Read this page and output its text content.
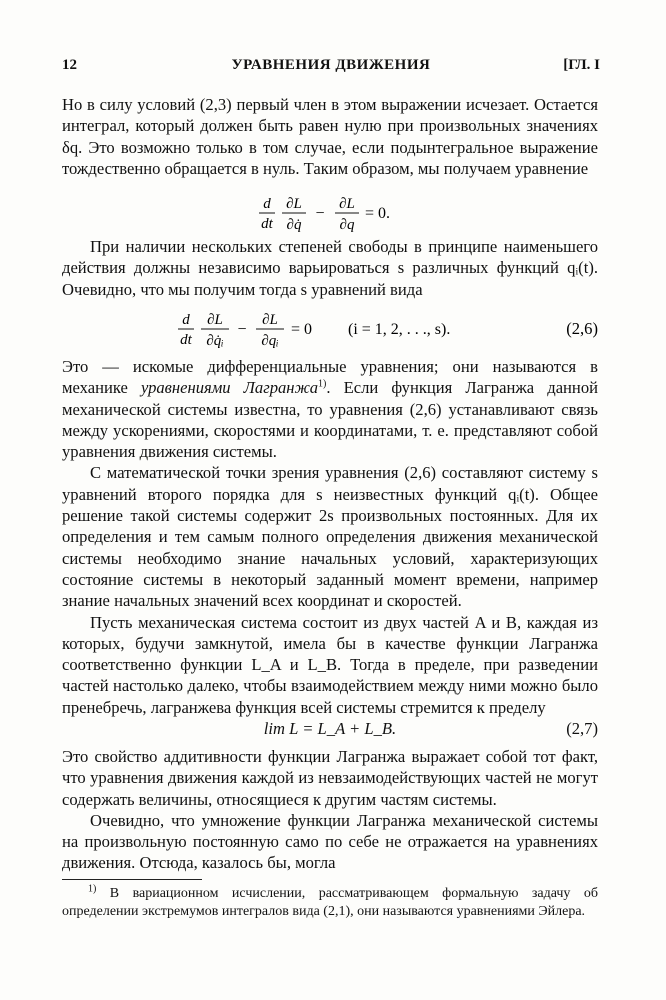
12	УРАВНЕНИЯ ДВИЖЕНИЯ	[ГЛ. I

Но в силу условий (2,3) первый член в этом выражении исчезает. Остается интеграл, который должен быть равен нулю при произвольных значениях δq. Это возможно только в том случае, если подынтегральное выражение тождественно обращается в нуль. Таким образом, мы получаем уравнение

d
dt
∂L
∂q̇
−
∂L
∂q
= 0.

При наличии нескольких степеней свободы в принципе наименьшего действия должны независимо варьироваться s различных функций qᵢ(t). Очевидно, что мы получим тогда s уравнений вида

d
dt
∂L
∂q̇ᵢ
−
∂L
∂qᵢ
= 0 (i = 1, 2, . . ., s).	(2,6)

Это — искомые дифференциальные уравнения; они называются в механике уравнениями Лагранжа$^{1)}$. Если функция Лагранжа данной механической системы известна, то уравнения (2,6) устанавливают связь между ускорениями, скоростями и координатами, т. е. представляют собой уравнения движения системы.

С математической точки зрения уравнения (2,6) составляют систему s уравнений второго порядка для s неизвестных функций qᵢ(t). Общее решение такой системы содержит 2s произвольных постоянных. Для их определения и тем самым полного определения движения механической системы необходимо знание начальных условий, характеризующих состояние системы в некоторый заданный момент времени, например знание начальных значений всех координат и скоростей.

Пусть механическая система состоит из двух частей A и B, каждая из которых, будучи замкнутой, имела бы в качестве функции Лагранжа соответственно функции L_A и L_B. Тогда в пределе, при разведении частей настолько далеко, чтобы взаимодействием между ними можно было пренебречь, лагранжева функция всей системы стремится к пределу

lim L = L_A + L_B.	(2,7)

Это свойство аддитивности функции Лагранжа выражает собой тот факт, что уравнения движения каждой из невзаимодействующих частей не могут содержать величины, относящиеся к другим частям системы.

Очевидно, что умножение функции Лагранжа механической системы на произвольную постоянную само по себе не отражается на уравнениях движения. Отсюда, казалось бы, могла

$^{1)}$ В вариационном исчислении, рассматривающем формальную задачу об определении экстремумов интегралов вида (2,1), они называются уравнениями Эйлера.
